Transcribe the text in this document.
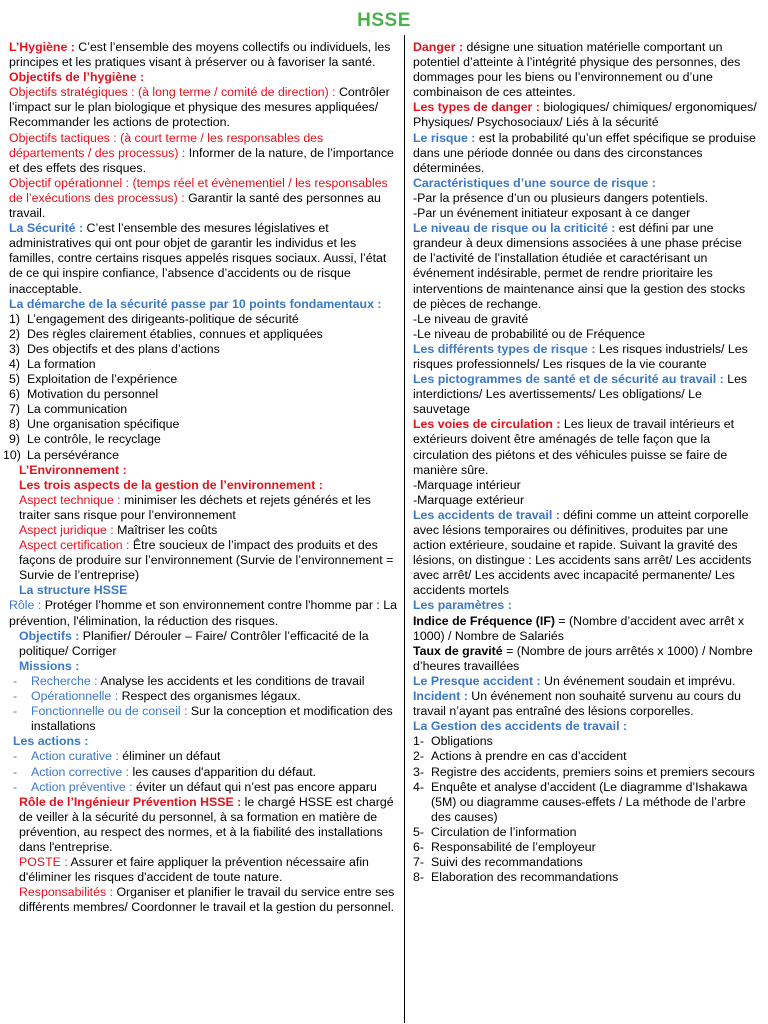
HSSE
L’Hygiène : C’est l’ensemble des moyens collectifs ou individuels, les principes et les pratiques visant à préserver ou à favoriser la santé.
Objectifs de l’hygiène :
Objectifs stratégiques : (à long terme / comité de direction) : Contrôler l’impact sur le plan biologique et physique des mesures appliquées/ Recommander les actions de protection.
Objectifs tactiques : (à court terme / les responsables des départements / des processus) : Informer de la nature, de l’importance et des effets des risques.
Objectif opérationnel : (temps réel et évènementiel / les responsables de l’exécutions des processus) : Garantir la santé des personnes au travail.
La Sécurité : C’est l’ensemble des mesures législatives et administratives qui ont pour objet de garantir les individus et les familles, contre certains risques appelés risques sociaux. Aussi, l’état de ce qui inspire confiance, l’absence d’accidents ou de risque inacceptable.
La démarche de la sécurité passe par 10 points fondamentaux :
1) L’engagement des dirigeants-politique de sécurité
2) Des règles clairement établies, connues et appliquées
3) Des objectifs et des plans d’actions
4) La formation
5) Exploitation de l’expérience
6) Motivation du personnel
7) La communication
8) Une organisation spécifique
9) Le contrôle, le recyclage
10) La persévérance
L’Environnement :
Les trois aspects de la gestion de l’environnement :
Aspect technique : minimiser les déchets et rejets générés et les traiter sans risque pour l’environnement
Aspect juridique : Maîtriser les coûts
Aspect certification : Être soucieux de l’impact des produits et des façons de produire sur l’environnement (Survie de l’environnement = Survie de l’entreprise)
La structure HSSE
Rôle : Protéger l’homme et son environnement contre l'homme par : La prévention, l'élimination, la réduction des risques.
Objectifs : Planifier/ Dérouler – Faire/ Contrôler l’efficacité de la politique/ Corriger
Missions :
- Recherche : Analyse les accidents et les conditions de travail
- Opérationnelle : Respect des organismes légaux.
- Fonctionnelle ou de conseil : Sur la conception et modification des installations
Les actions :
- Action curative : éliminer un défaut
- Action corrective : les causes d'apparition du défaut.
- Action préventive : éviter un défaut qui n’est pas encore apparu
Rôle de l’Ingénieur Prévention HSSE : le chargé HSSE est chargé de veiller à la sécurité du personnel, à sa formation en matière de prévention, au respect des normes, et à la fiabilité des installations dans l'entreprise.
POSTE : Assurer et faire appliquer la prévention nécessaire afin d'éliminer les risques d'accident de toute nature.
Responsabilités : Organiser et planifier le travail du service entre ses différents membres/ Coordonner le travail et la gestion du personnel.
Danger : désigne une situation matérielle comportant un potentiel d’atteinte à l’intégrité physique des personnes, des dommages pour les biens ou l’environnement ou d’une combinaison de ces atteintes.
Les types de danger : biologiques/ chimiques/ ergonomiques/ Physiques/ Psychosociaux/ Liés à la sécurité
Le risque : est la probabilité qu’un effet spécifique se produise dans une période donnée ou dans des circonstances déterminées.
Caractéristiques d’une source de risque :
-Par la présence d’un ou plusieurs dangers potentiels.
-Par un événement initiateur exposant à ce danger
Le niveau de risque ou la criticité : est défini par une grandeur à deux dimensions associées à une phase précise de l’activité de l’installation étudiée et caractérisant un événement indésirable, permet de rendre prioritaire les interventions de maintenance ainsi que la gestion des stocks de pièces de rechange.
-Le niveau de gravité
-Le niveau de probabilité ou de Fréquence
Les différents types de risque : Les risques industriels/ Les risques professionnels/ Les risques de la vie courante
Les pictogrammes de santé et de sécurité au travail : Les interdictions/ Les avertissements/ Les obligations/ Le sauvetage
Les voies de circulation : Les lieux de travail intérieurs et extérieurs doivent être aménagés de telle façon que la circulation des piétons et des véhicules puisse se faire de manière sûre.
-Marquage intérieur
-Marquage extérieur
Les accidents de travail : défini comme un atteint corporelle avec lésions temporaires ou définitives, produites par une action extérieure, soudaine et rapide. Suivant la gravité des lésions, on distingue : Les accidents sans arrêt/ Les accidents avec arrêt/ Les accidents avec incapacité permanente/ Les accidents mortels
Les paramètres :
Indice de Fréquence (IF) = (Nombre d’accident avec arrêt x 1000) / Nombre de Salariés
Taux de gravité = (Nombre de jours arrêtés x 1000) / Nombre d’heures travaillées
Le Presque accident : Un événement soudain et imprévu.
Incident : Un événement non souhaité survenu au cours du travail n’ayant pas entraîné des lésions corporelles.
La Gestion des accidents de travail :
1- Obligations
2- Actions à prendre en cas d’accident
3- Registre des accidents, premiers soins et premiers secours
4- Enquête et analyse d’accident (Le diagramme d’Ishakawa (5M) ou diagramme causes-effets / La méthode de l’arbre des causes)
5- Circulation de l’information
6- Responsabilité de l’employeur
7- Suivi des recommandations
8- Elaboration des recommandations
